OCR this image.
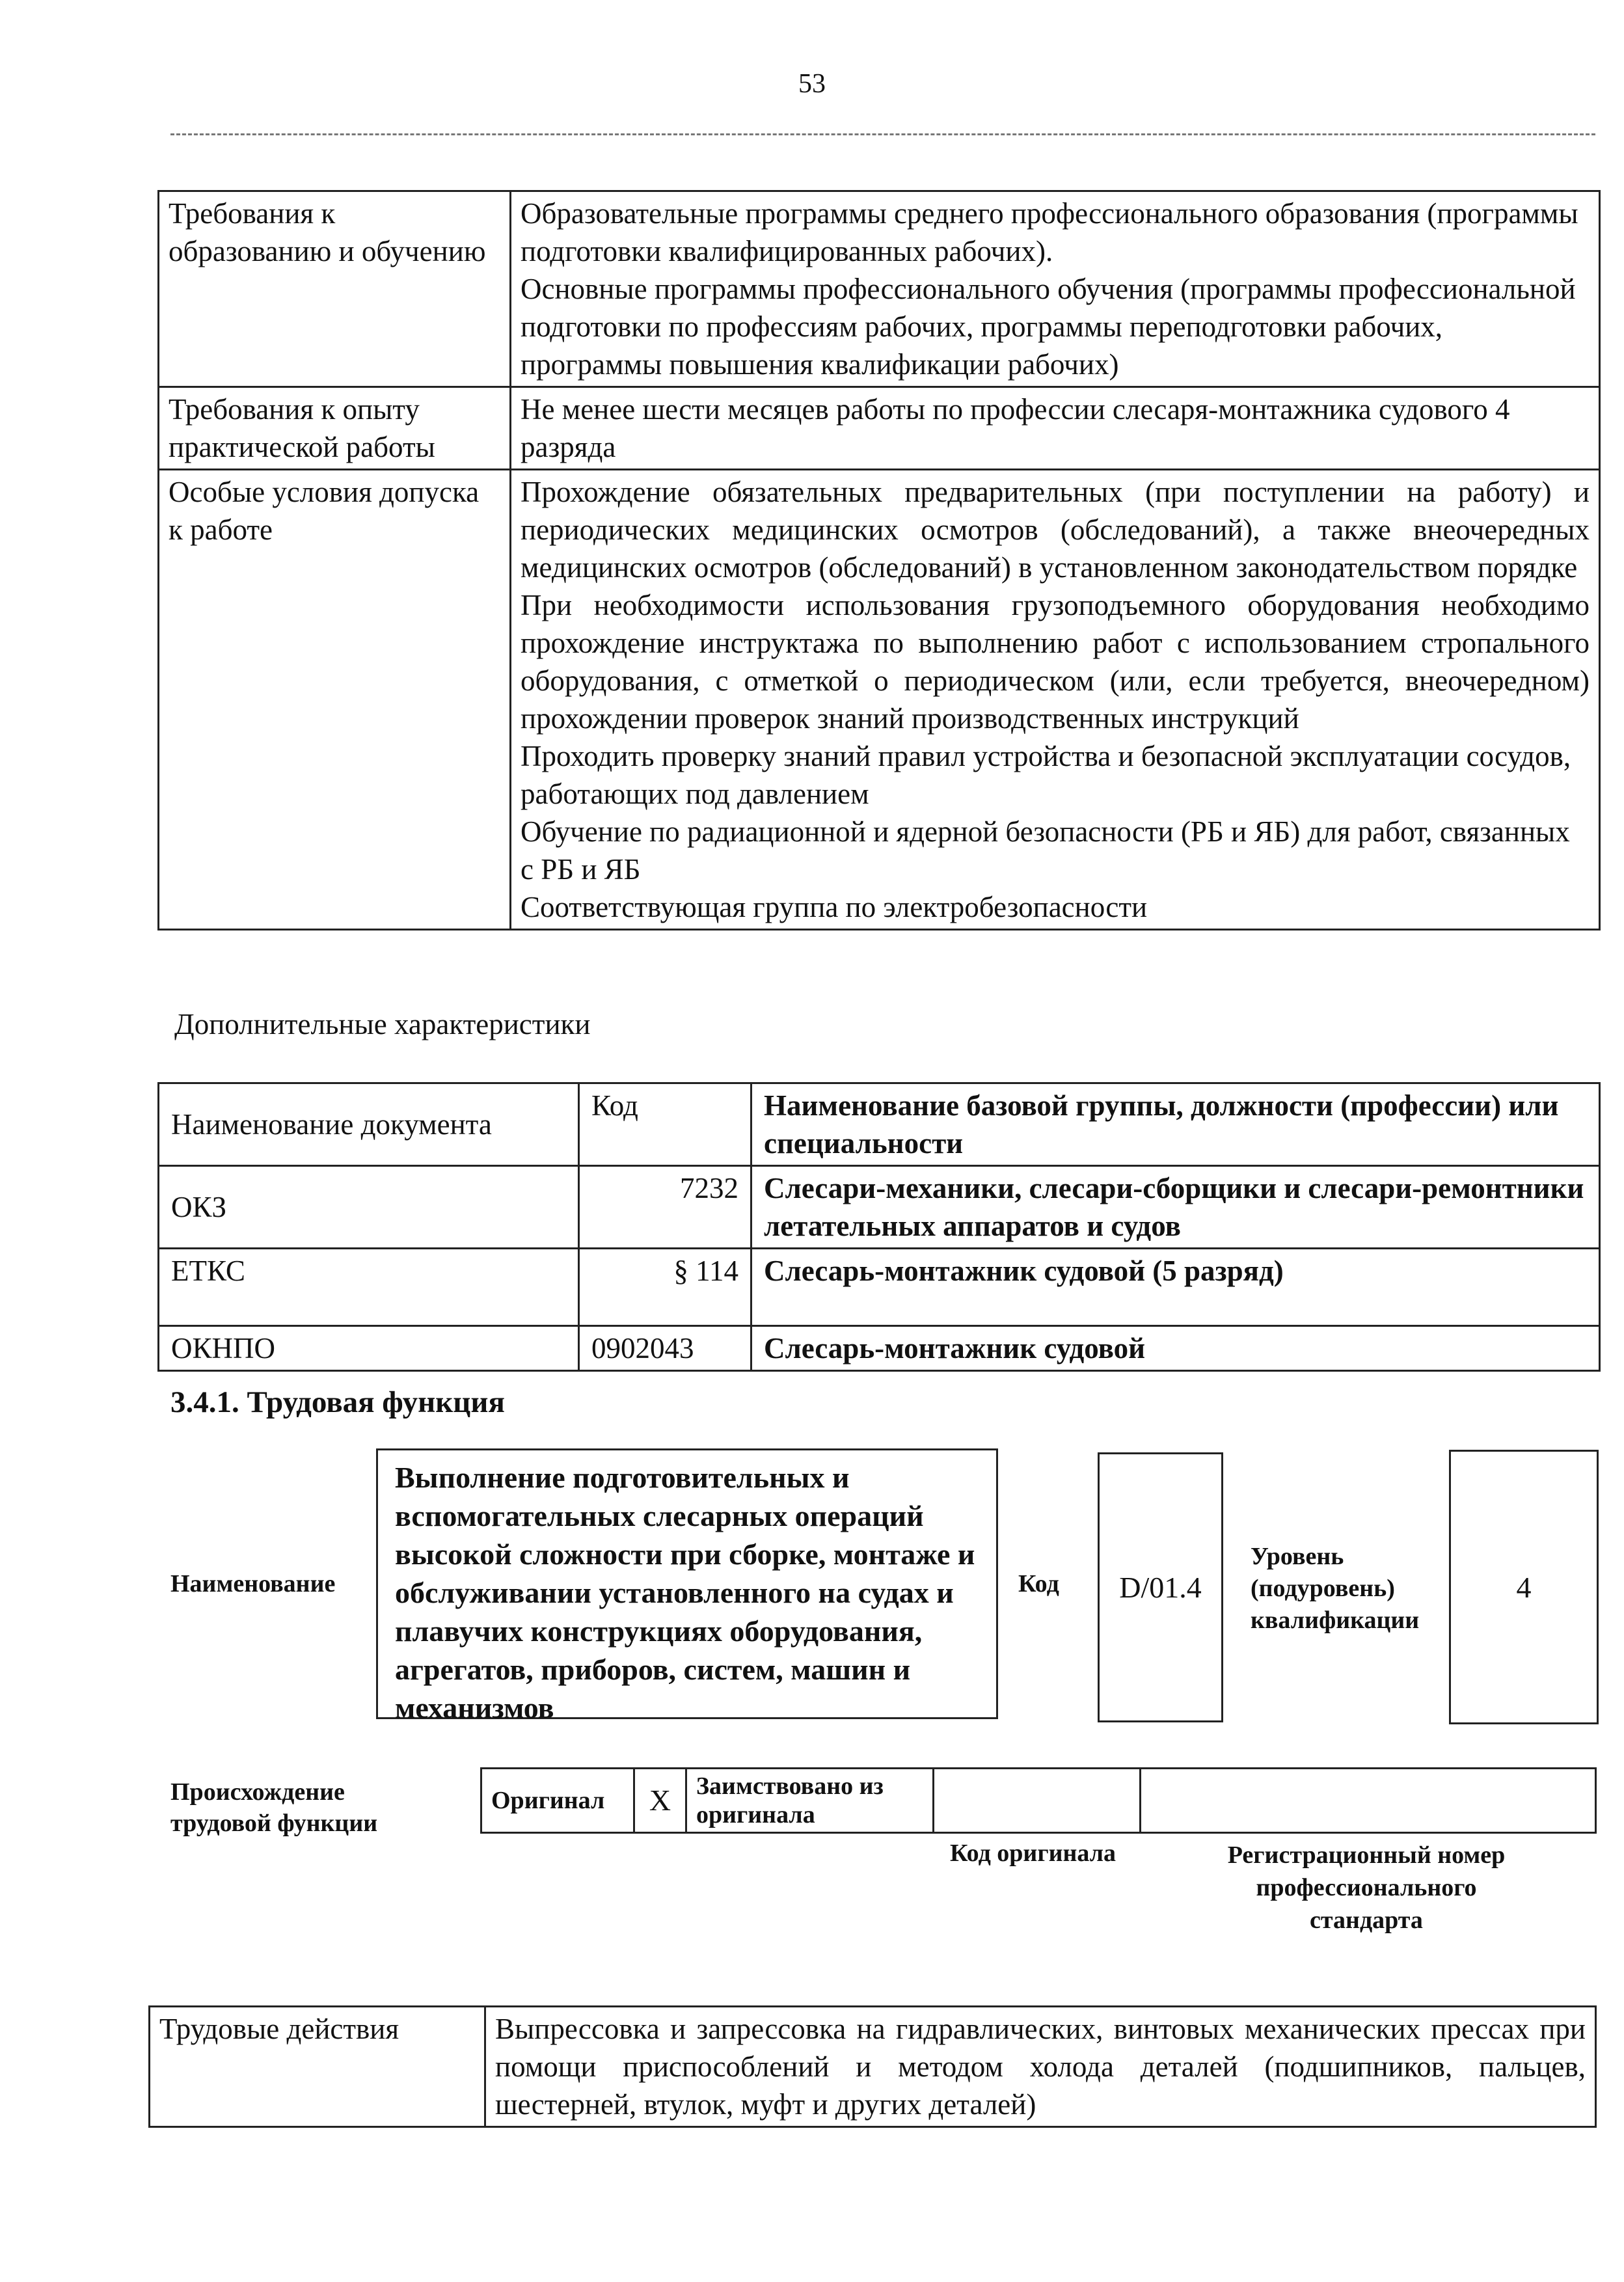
53
Требования к образованию и обучению	Образовательные программы среднего профессионального образования (программы подготовки квалифицированных рабочих).

Основные программы профессионального обучения (программы профессиональной подготовки по профессиям рабочих, программы переподготовки рабочих, программы повышения квалификации рабочих)

Требования к опыту практической работы	Не менее шести месяцев работы по профессии слесаря-монтажника судового 4 разряда
Особые условия допуска к работе	Прохождение обязательных предварительных (при поступлении на работу) и периодических медицинских осмотров (обследований), а также внеочередных медицинских осмотров (обследований) в установленном законодательством порядке

При необходимости использования грузоподъемного оборудования необходимо прохождение инструктажа по выполнению работ с использованием стропального оборудования, с отметкой о периодическом (или, если требуется, внеочередном) прохождении проверок знаний производственных инструкций

Проходить проверку знаний правил устройства и безопасной эксплуатации сосудов, работающих под давлением

Обучение по радиационной и ядерной безопасности (РБ и ЯБ) для работ, связанных с РБ и ЯБ

Соответствующая группа по электробезопасности

Дополнительные характеристики
Наименование документа	Код	Наименование базовой группы, должности (профессии) или специальности
ОКЗ	7232	Слесари-механики, слесари-сборщики и слесари-ремонтники летательных аппаратов и судов
ЕТКС	§ 114	Слесарь-монтажник судовой (5 разряд)
ОКНПО	0902043	Слесарь-монтажник судовой
3.4.1. Трудовая функция
Наименование
Выполнение подготовительных и вспомогательных слесарных операций высокой сложности при сборке, монтаже и обслуживании установленного на судах и плавучих конструкциях оборудования, агрегатов, приборов, систем, машин и механизмов
Код	D/01.4
Уровень (подуровень) квалификации
4
Происхождение трудовой функции
Оригинал	X	Заимствовано из оригинала		
Код оригинала	Регистрационный номер профессионального стандарта
Трудовые действия	Выпрессовка и запрессовка на гидравлических, винтовых механических прессах при помощи приспособлений и методом холода деталей (подшипников, пальцев, шестерней, втулок, муфт и других деталей)
